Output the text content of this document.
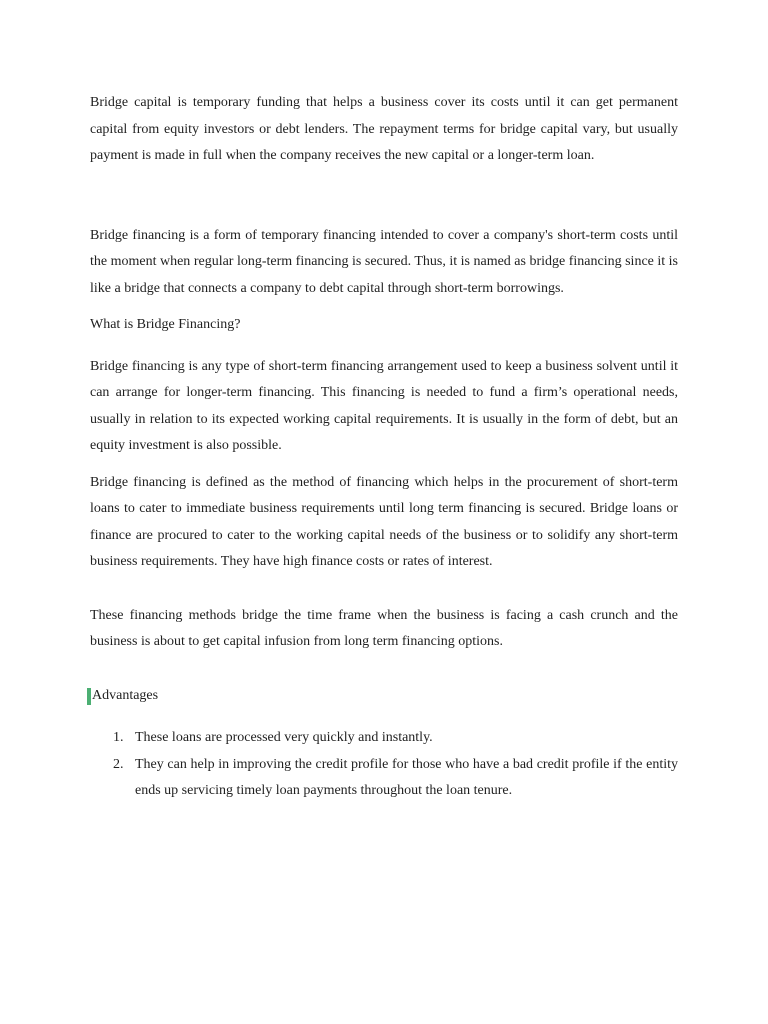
Bridge capital is temporary funding that helps a business cover its costs until it can get permanent capital from equity investors or debt lenders. The repayment terms for bridge capital vary, but usually payment is made in full when the company receives the new capital or a longer-term loan.

Bridge financing is a form of temporary financing intended to cover a company's short-term costs until the moment when regular long-term financing is secured. Thus, it is named as bridge financing since it is like a bridge that connects a company to debt capital through short-term borrowings.

What is Bridge Financing?

Bridge financing is any type of short-term financing arrangement used to keep a business solvent until it can arrange for longer-term financing. This financing is needed to fund a firm’s operational needs, usually in relation to its expected working capital requirements. It is usually in the form of debt, but an equity investment is also possible.

Bridge financing is defined as the method of financing which helps in the procurement of short-term loans to cater to immediate business requirements until long term financing is secured. Bridge loans or finance are procured to cater to the working capital needs of the business or to solidify any short-term business requirements. They have high finance costs or rates of interest.

These financing methods bridge the time frame when the business is facing a cash crunch and the business is about to get capital infusion from long term financing options.

Advantages
1. These loans are processed very quickly and instantly.
2. They can help in improving the credit profile for those who have a bad credit profile if the entity ends up servicing timely loan payments throughout the loan tenure.
